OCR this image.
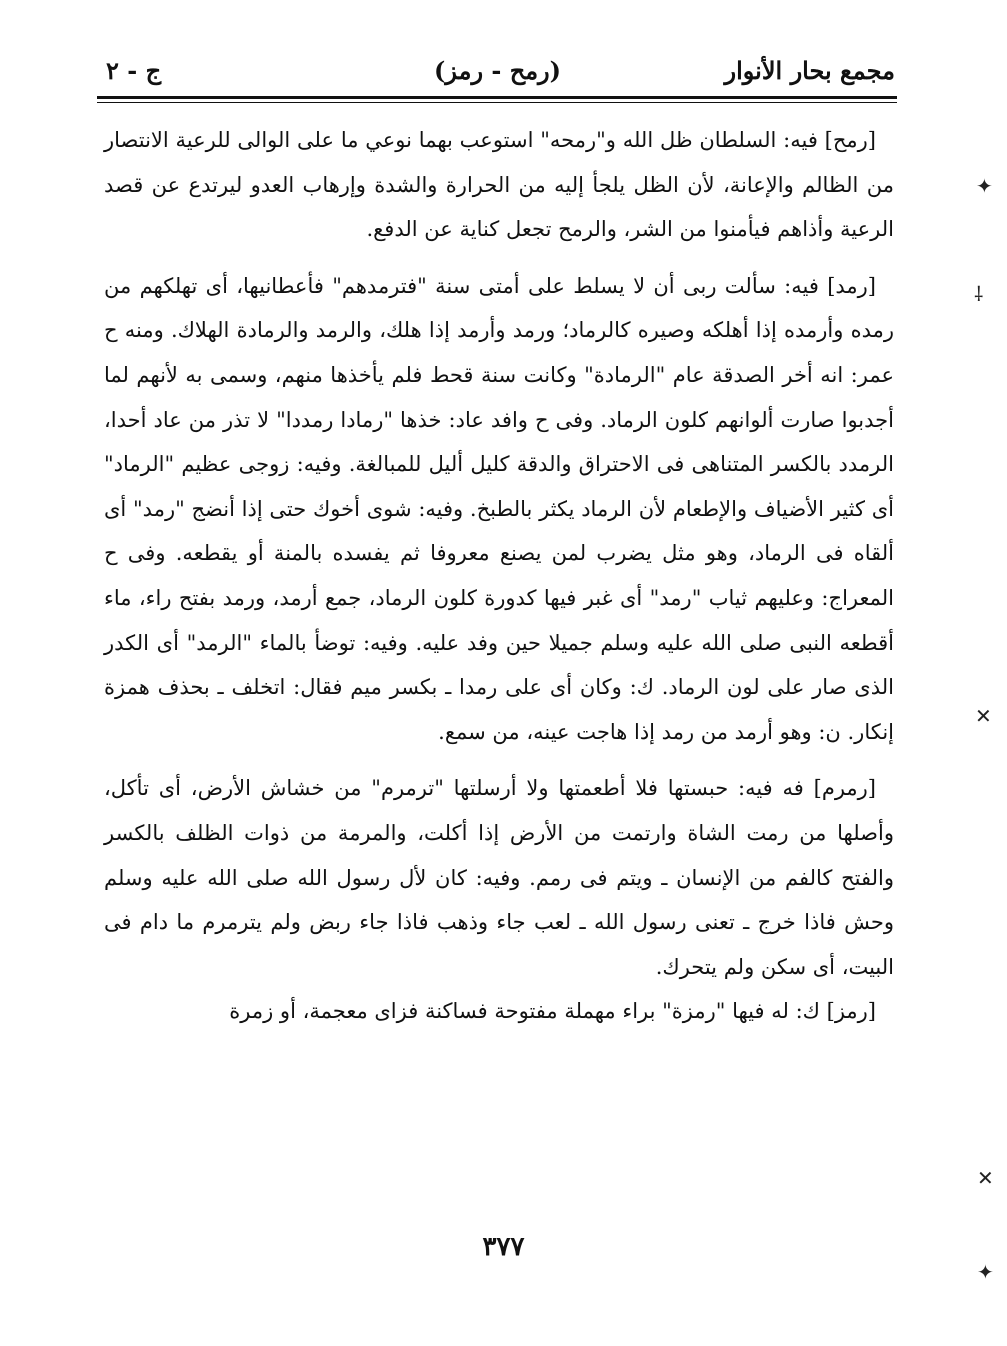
مجمع بحار الأنوار
(رمح - رمز)
ج - ٢

[رمح] فيه: السلطان ظل الله و"رمحه" استوعب بهما نوعي ما على الوالى للرعية الانتصار من الظالم والإعانة، لأن الظل يلجأ إليه من الحرارة والشدة وإرهاب العدو ليرتدع عن قصد الرعية وأذاهم فيأمنوا من الشر، والرمح تجعل كناية عن الدفع.

[رمد] فيه: سألت ربى أن لا يسلط على أمتى سنة "فترمدهم" فأعطانيها، أى تهلكهم من رمده وأرمده إذا أهلكه وصيره كالرماد؛ ورمد وأرمد إذا هلك، والرمد والرمادة الهلاك. ومنه ح عمر: انه أخر الصدقة عام "الرمادة" وكانت سنة قحط فلم يأخذها منهم، وسمى به لأنهم لما أجدبوا صارت ألوانهم كلون الرماد. وفى ح وافد عاد: خذها "رمادا رمددا" لا تذر من عاد أحدا، الرمدد بالكسر المتناهى فى الاحتراق والدقة كليل أليل للمبالغة. وفيه: زوجى عظيم "الرماد" أى كثير الأضياف والإطعام لأن الرماد يكثر بالطبخ. وفيه: شوى أخوك حتى إذا أنضج "رمد" أى ألقاه فى الرماد، وهو مثل يضرب لمن يصنع معروفا ثم يفسده بالمنة أو يقطعه. وفى ح المعراج: وعليهم ثياب "رمد" أى غبر فيها كدورة كلون الرماد، جمع أرمد، ورمد بفتح راء، ماء أقطعه النبى صلى الله عليه وسلم جميلا حين وفد عليه. وفيه: توضأ بالماء "الرمد" أى الكدر الذى صار على لون الرماد. ك: وكان أى على رمدا ـ بكسر ميم فقال: اتخلف ـ بحذف همزة إنكار. ن: وهو أرمد من رمد إذا هاجت عينه، من سمع.

[رمرم] فه فيه: حبستها فلا أطعمتها ولا أرسلتها "ترمرم" من خشاش الأرض، أى تأكل، وأصلها من رمت الشاة وارتمت من الأرض إذا أكلت، والمرمة من ذوات الظلف بالكسر والفتح كالفم من الإنسان ـ ويتم فى رمم. وفيه: كان لأل رسول الله صلى الله عليه وسلم وحش فاذا خرج ـ تعنى رسول الله ـ لعب جاء وذهب فاذا جاء ربض ولم يترمرم ما دام فى البيت، أى سكن ولم يتحرك.

[رمز] ك: له فيها "رمزة" براء مهملة مفتوحة فساكنة فزاى معجمة، أو زمرة

٣٧٧
✦
⸸
✕
✕
✦
